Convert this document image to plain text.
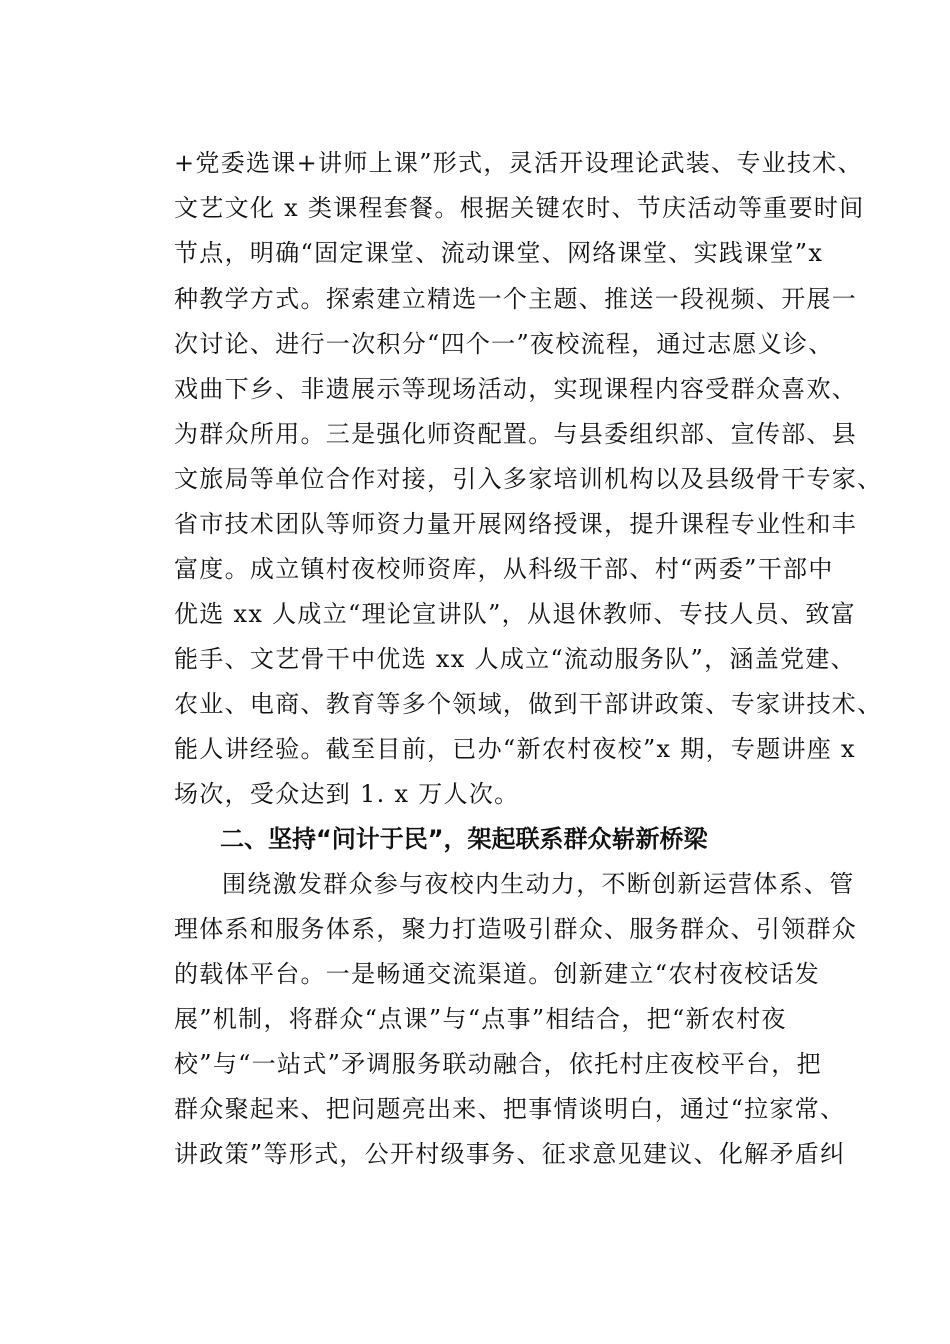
+党委选课+讲师上课”形式，灵活开设理论武装、专业技术、
文艺文化 x 类课程套餐。根据关键农时、节庆活动等重要时间
节点，明确“固定课堂、流动课堂、网络课堂、实践课堂”x
种教学方式。探索建立精选一个主题、推送一段视频、开展一
次讨论、进行一次积分“四个一”夜校流程，通过志愿义诊、
戏曲下乡、非遗展示等现场活动，实现课程内容受群众喜欢、
为群众所用。三是强化师资配置。与县委组织部、宣传部、县
文旅局等单位合作对接，引入多家培训机构以及县级骨干专家、
省市技术团队等师资力量开展网络授课，提升课程专业性和丰
富度。成立镇村夜校师资库，从科级干部、村“两委”干部中
优选 xx 人成立“理论宣讲队”，从退休教师、专技人员、致富
能手、文艺骨干中优选 xx 人成立“流动服务队”，涵盖党建、
农业、电商、教育等多个领域，做到干部讲政策、专家讲技术、
能人讲经验。截至目前，已办“新农村夜校”x 期，专题讲座 x
场次，受众达到 1. x 万人次。
二、坚持“问计于民”，架起联系群众崭新桥梁
围绕激发群众参与夜校内生动力，不断创新运营体系、管
理体系和服务体系，聚力打造吸引群众、服务群众、引领群众
的载体平台。一是畅通交流渠道。创新建立“农村夜校话发
展”机制，将群众“点课”与“点事”相结合，把“新农村夜
校”与“一站式”矛调服务联动融合，依托村庄夜校平台，把
群众聚起来、把问题亮出来、把事情谈明白，通过“拉家常、
讲政策”等形式，公开村级事务、征求意见建议、化解矛盾纠
